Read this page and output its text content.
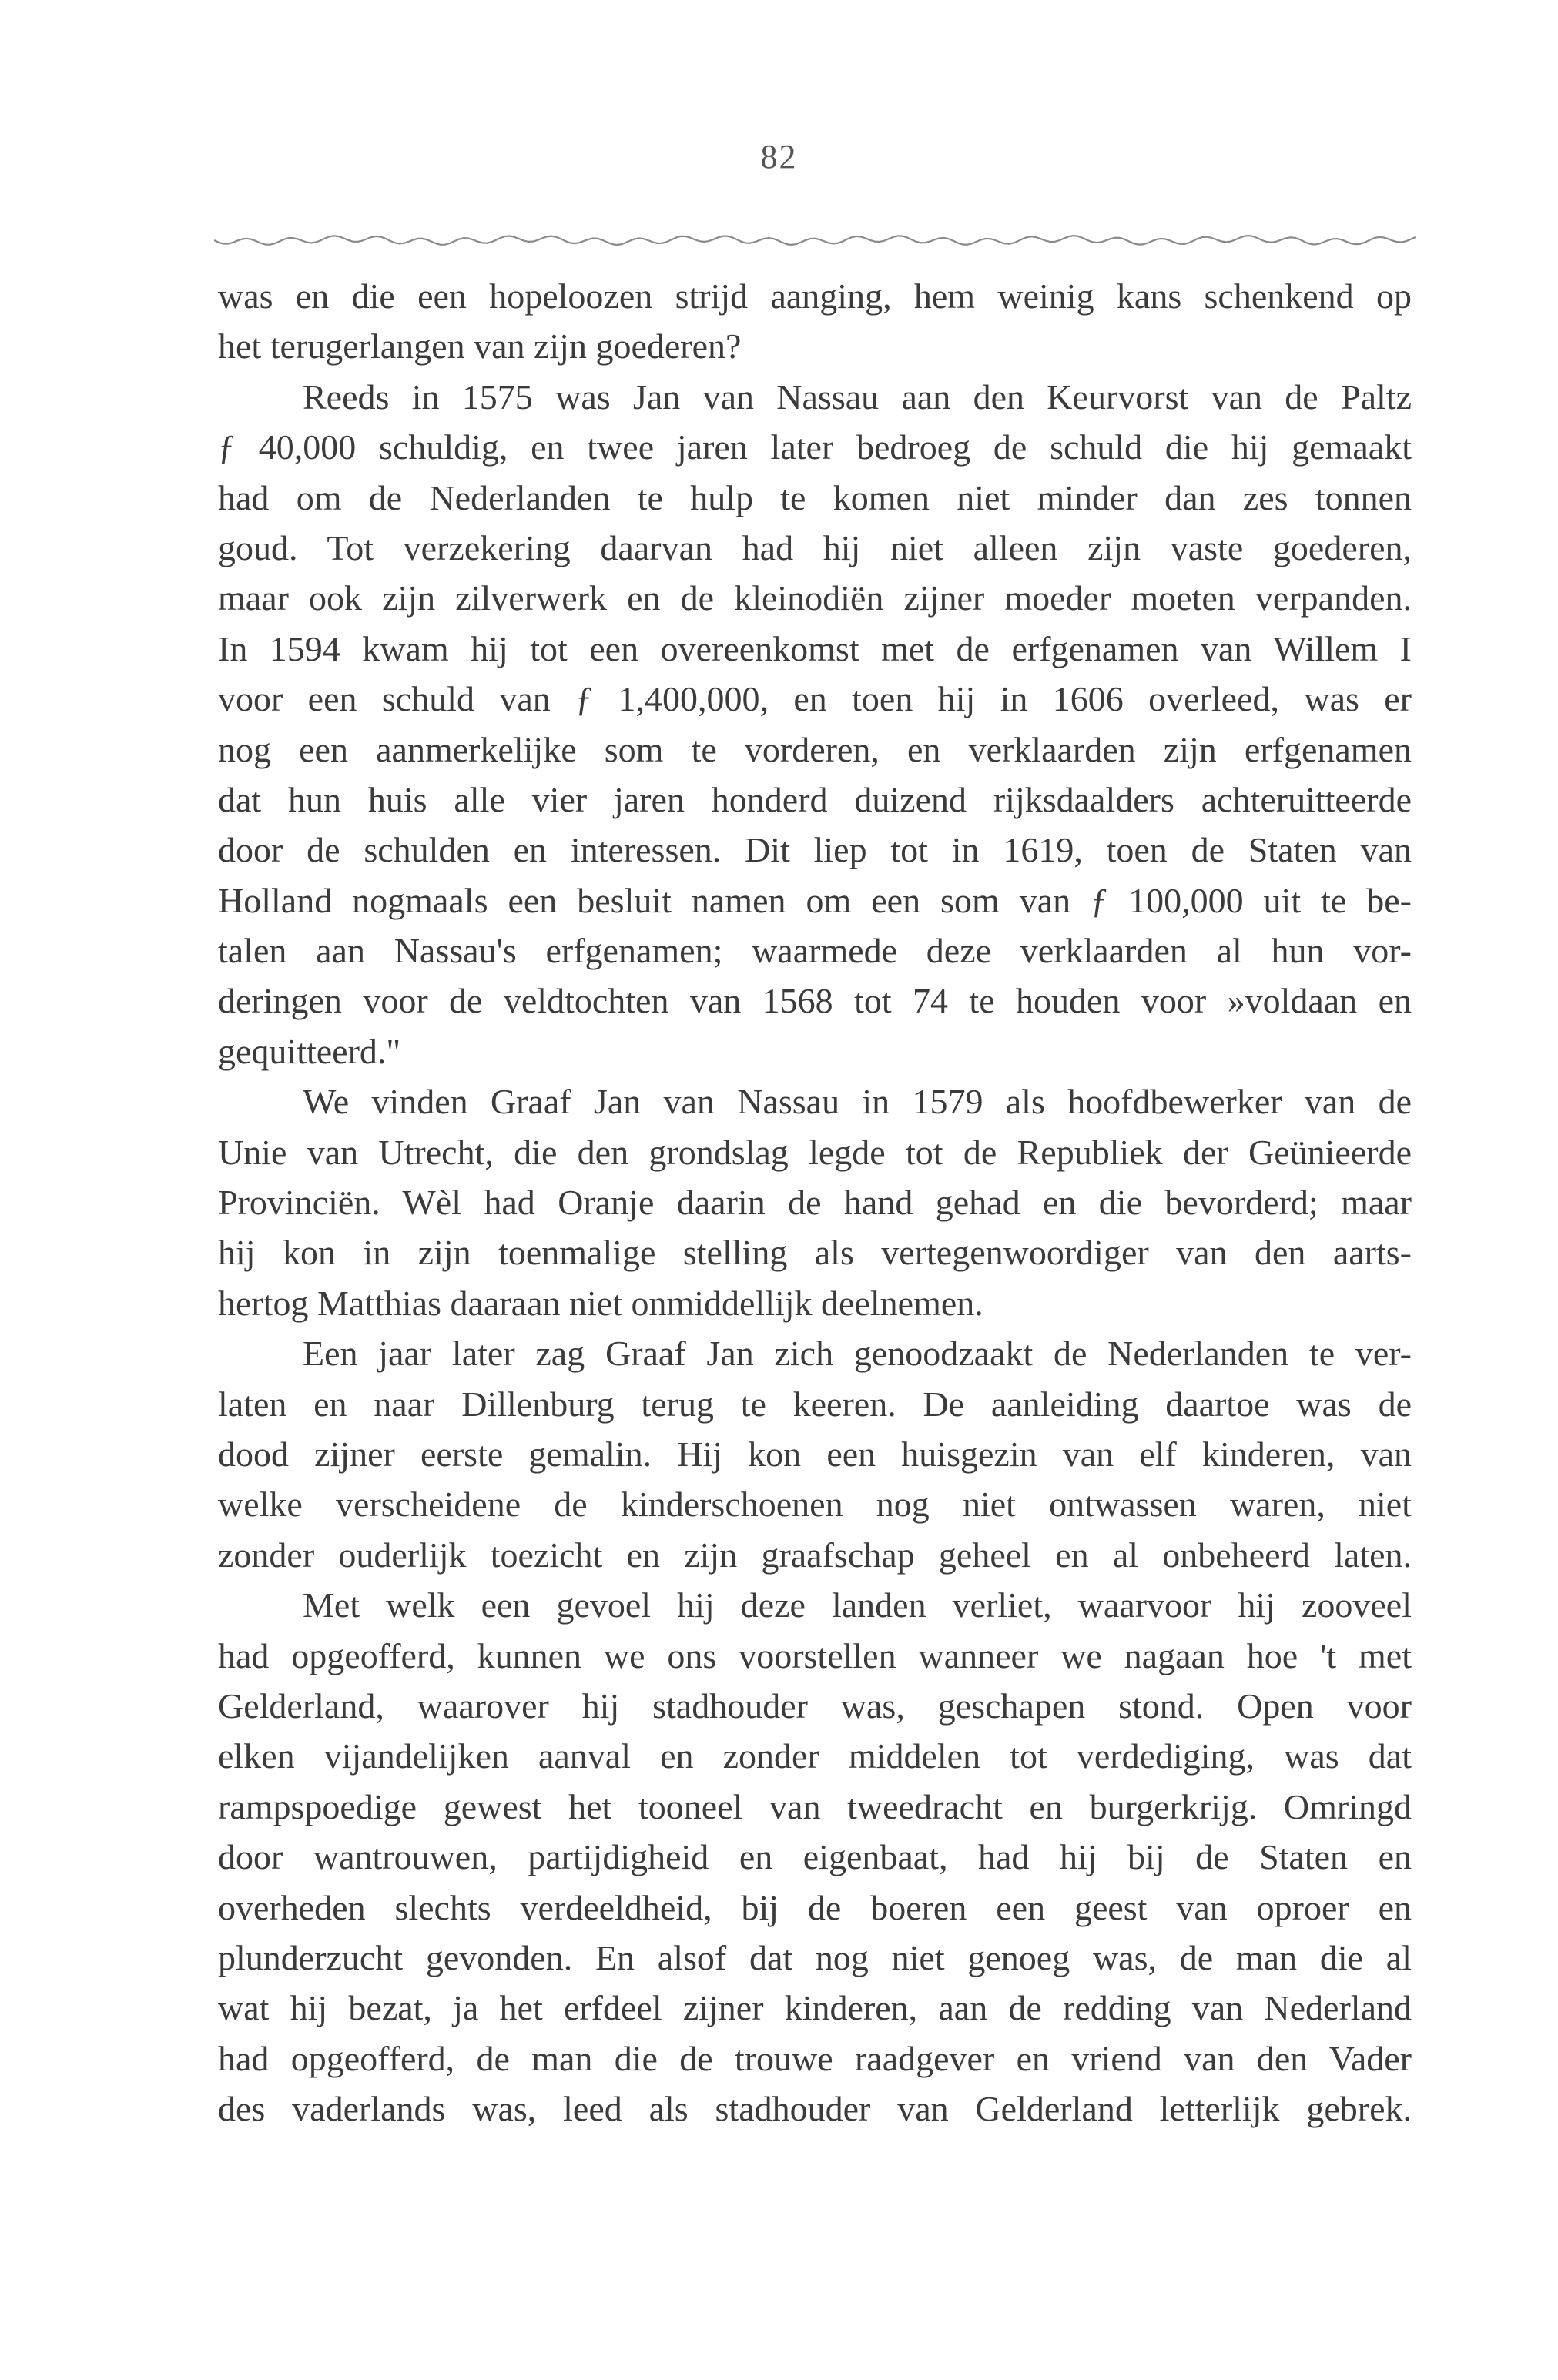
82
was en die een hopeloozen strijd aanging, hem weinig kans schenkend op
het terugerlangen van zijn goederen?
Reeds in 1575 was Jan van Nassau aan den Keurvorst van de Paltz
ƒ 40,000 schuldig, en twee jaren later bedroeg de schuld die hij gemaakt
had om de Nederlanden te hulp te komen niet minder dan zes tonnen
goud. Tot verzekering daarvan had hij niet alleen zijn vaste goederen,
maar ook zijn zilverwerk en de kleinodiën zijner moeder moeten verpanden.
In 1594 kwam hij tot een overeenkomst met de erfgenamen van Willem I
voor een schuld van ƒ 1,400,000, en toen hij in 1606 overleed, was er
nog een aanmerkelijke som te vorderen, en verklaarden zijn erfgenamen
dat hun huis alle vier jaren honderd duizend rijksdaalders achteruitteerde
door de schulden en interessen. Dit liep tot in 1619, toen de Staten van
Holland nogmaals een besluit namen om een som van ƒ 100,000 uit te be-
talen aan Nassau's erfgenamen; waarmede deze verklaarden al hun vor-
deringen voor de veldtochten van 1568 tot 74 te houden voor »voldaan en
gequitteerd."
We vinden Graaf Jan van Nassau in 1579 als hoofdbewerker van de
Unie van Utrecht, die den grondslag legde tot de Republiek der Geünieerde
Provinciën. Wèl had Oranje daarin de hand gehad en die bevorderd; maar
hij kon in zijn toenmalige stelling als vertegenwoordiger van den aarts-
hertog Matthias daaraan niet onmiddellijk deelnemen.
Een jaar later zag Graaf Jan zich genoodzaakt de Nederlanden te ver-
laten en naar Dillenburg terug te keeren. De aanleiding daartoe was de
dood zijner eerste gemalin. Hij kon een huisgezin van elf kinderen, van
welke verscheidene de kinderschoenen nog niet ontwassen waren, niet
zonder ouderlijk toezicht en zijn graafschap geheel en al onbeheerd laten.
Met welk een gevoel hij deze landen verliet, waarvoor hij zooveel
had opgeofferd, kunnen we ons voorstellen wanneer we nagaan hoe 't met
Gelderland, waarover hij stadhouder was, geschapen stond. Open voor
elken vijandelijken aanval en zonder middelen tot verdediging, was dat
rampspoedige gewest het tooneel van tweedracht en burgerkrijg. Omringd
door wantrouwen, partijdigheid en eigenbaat, had hij bij de Staten en
overheden slechts verdeeldheid, bij de boeren een geest van oproer en
plunderzucht gevonden. En alsof dat nog niet genoeg was, de man die al
wat hij bezat, ja het erfdeel zijner kinderen, aan de redding van Nederland
had opgeofferd, de man die de trouwe raadgever en vriend van den Vader
des vaderlands was, leed als stadhouder van Gelderland letterlijk gebrek.
